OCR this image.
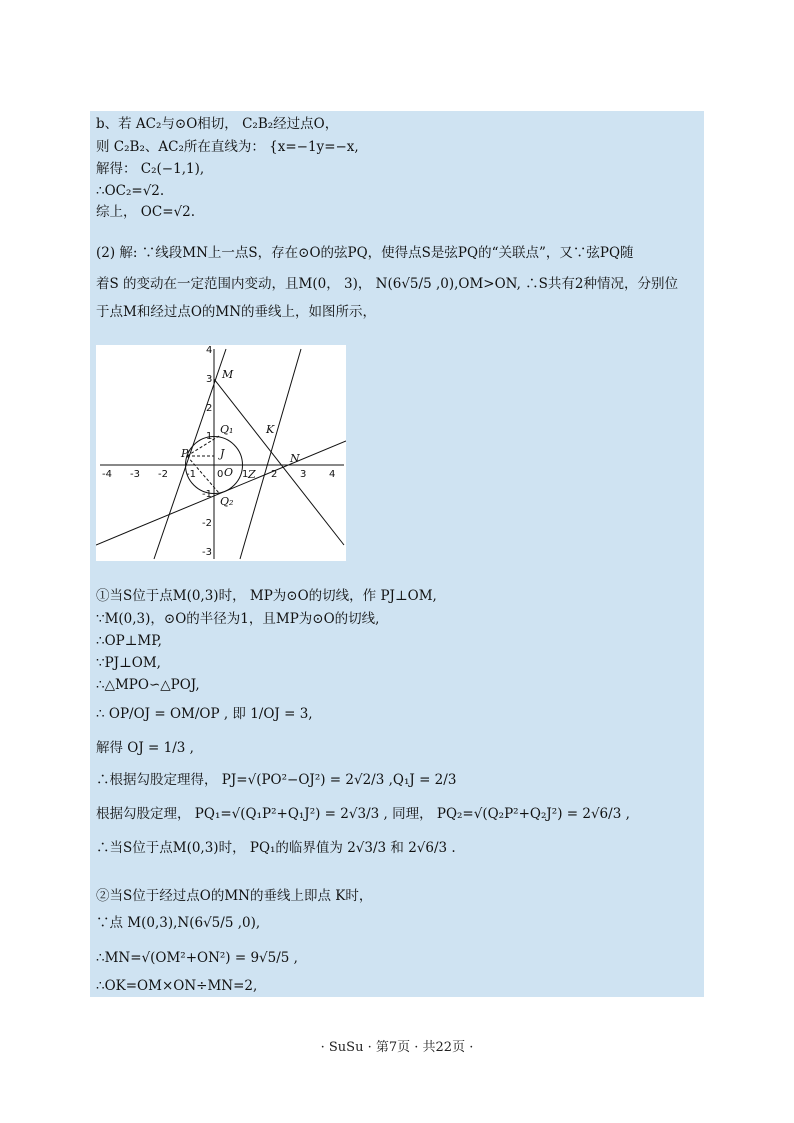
b、若 AC₂与⊙O相切， C₂B₂经过点O，
则 C₂B₂、AC₂所在直线为： {x=−1y=−x,
解得： C₂(−1,1),
∴OC₂=√2.
综上， OC=√2.
(2) 解: ∵线段MN上一点S，存在⊙O的弦PQ，使得点S是弦PQ的“关联点”，又∵弦PQ随
着S 的变动在一定范围内变动，且M(0， 3)， N(6√5/5 ,0),OM>ON, ∴S共有2种情况，分别位
于点M和经过点O的MN的垂线上，如图所示，
-4 -3 -2 -1 0 1 2 3 4
4
3
2
1
-1
-2
-3
M
K
N
P	J
O Z
Q₁
Q₂
①当S位于点M(0,3)时， MP为⊙O的切线，作 PJ⊥OM,
∵M(0,3)，⊙O的半径为1，且MP为⊙O的切线,
∴OP⊥MP,
∵PJ⊥OM,
∴△MPO∽△POJ,
∴ OP/OJ = OM/OP , 即 1/OJ = 3,
解得 OJ = 1/3 ,
∴根据勾股定理得， PJ=√(PO²−OJ²) = 2√2/3 ,Q₁J = 2/3
根据勾股定理， PQ₁=√(Q₁P²+Q₁J²) = 2√3/3 , 同理， PQ₂=√(Q₂P²+Q₂J²) = 2√6/3 ,
∴当S位于点M(0,3)时， PQ₁的临界值为 2√3/3 和 2√6/3 .
②当S位于经过点O的MN的垂线上即点 K时，
∵点 M(0,3),N(6√5/5 ,0),
∴MN=√(OM²+ON²) = 9√5/5 ,
∴OK=OM×ON÷MN=2,
· SuSu · 第7页 · 共22页 ·
